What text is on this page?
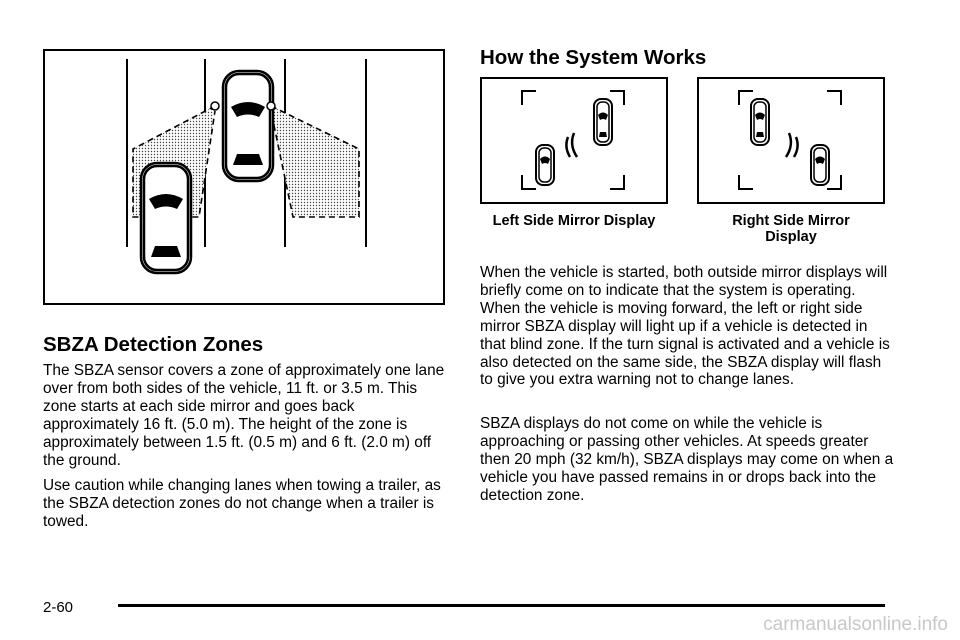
SBZA Detection Zones

The SBZA sensor covers a zone of approximately one lane over from both sides of the vehicle, 11 ft. or 3.5 m. This zone starts at each side mirror and goes back approximately 16 ft. (5.0 m). The height of the zone is approximately between 1.5 ft. (0.5 m) and 6 ft. (2.0 m) off the ground.

Use caution while changing lanes when towing a trailer, as the SBZA detection zones do not change when a trailer is towed.

How the System Works
Left Side Mirror Display	Right Side Mirror
Display

When the vehicle is started, both outside mirror displays will briefly come on to indicate that the system is operating. When the vehicle is moving forward, the left or right side mirror SBZA display will light up if a vehicle is detected in that blind zone. If the turn signal is activated and a vehicle is also detected on the same side, the SBZA display will flash to give you extra warning not to change lanes.

SBZA displays do not come on while the vehicle is approaching or passing other vehicles. At speeds greater then 20 mph (32 km/h), SBZA displays may come on when a vehicle you have passed remains in or drops back into the detection zone.

2-60
carmanualsonline.info
